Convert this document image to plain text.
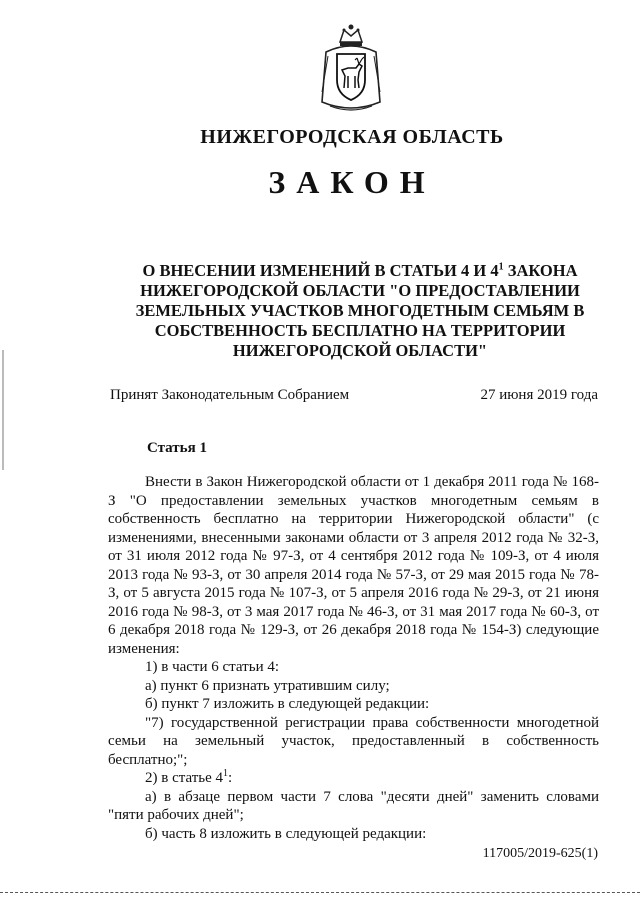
НИЖЕГОРОДСКАЯ ОБЛАСТЬ
ЗАКОН
О ВНЕСЕНИИ ИЗМЕНЕНИЙ В СТАТЬИ 4 И $4^1$ ЗАКОНА
НИЖЕГОРОДСКОЙ ОБЛАСТИ "О ПРЕДОСТАВЛЕНИИ ЗЕМЕЛЬНЫХ УЧАСТКОВ МНОГОДЕТНЫМ СЕМЬЯМ В СОБСТВЕННОСТЬ БЕСПЛАТНО НА ТЕРРИТОРИИ НИЖЕГОРОДСКОЙ ОБЛАСТИ"
Принят Законодательным Собранием	27 июня 2019 года
Статья 1

Внести в Закон Нижегородской области от 1 декабря 2011 года № 168-З "О предоставлении земельных участков многодетным семьям в собственность бесплатно на территории Нижегородской области" (с изменениями, внесенными законами области от 3 апреля 2012 года № 32-З, от 31 июля 2012 года № 97-З, от 4 сентября 2012 года № 109-З, от 4 июля 2013 года № 93-З, от 30 апреля 2014 года № 57-З, от 29 мая 2015 года № 78-З, от 5 августа 2015 года № 107-З, от 5 апреля 2016 года № 29-З, от 21 июня 2016 года № 98-З, от 3 мая 2017 года № 46-З, от 31 мая 2017 года № 60-З, от 6 декабря 2018 года № 129-З, от 26 декабря 2018 года № 154-З) следующие изменения:

1) в части 6 статьи 4:

а) пункт 6 признать утратившим силу;

б) пункт 7 изложить в следующей редакции:

"7) государственной регистрации права собственности многодетной семьи на земельный участок, предоставленный в собственность бесплатно;";

2) в статье $4^1$:

а) в абзаце первом части 7 слова "десяти дней" заменить словами "пяти рабочих дней";

б) часть 8 изложить в следующей редакции:

117005/2019-625(1)
